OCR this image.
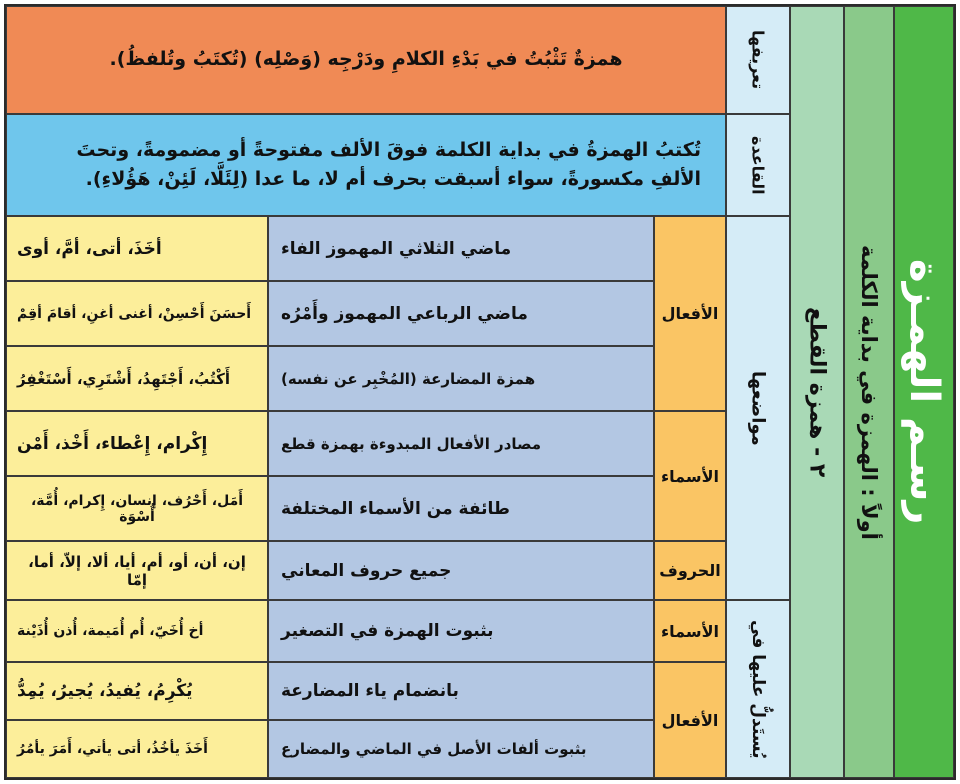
رسـم الهمـزة
أولاً : الهمزة في بداية الكلمة
٢ - همزة القطع
تعريفها
همزةٌ تَثْبُتُ في بَدْءِ الكلامِ ودَرْجِه (وَصْلِه) (تُكتَبُ وتُلفظُ).
القاعدة
تُكتبُ الهمزةُ في بداية الكلمة فوقَ الألف مفتوحةً أو مضمومةً، وتحتَ الألفِ مكسورةً، سواء أسبقت بحرف أم لا، ما عدا (لِئَلَّا، لَئِنْ، هَؤُلاءِ).
مواضعها
الأفعال
ماضي الثلاثي المهموز الفاء
أخَذَ، أتى، أمَّ، أوى
ماضي الرباعي المهموز وأَمْرُه
أَحسَنَ أَحْسِنْ، أغنى أغنِ، أقامَ أقِمْ
همزة المضارعة (المُخْبِر عن نفسه)
أَكْتُبُ، أَجْتَهِدُ، أَشْتَرِي، أَسْتَغْفِرُ
الأسماء
مصادر الأفعال المبدوءة بهمزة قطع
إِكْرام، إِعْطاء، أَخْذ، أَمْن
طائفة من الأسماء المختلفة
أَمَل، أَحْرُف، إنسان، إِكرام، أُمَّة، أُسْوَة
الحروف
جميع حروف المعاني
إن، أن، أو، أم، أيا، ألا، إلاّ، أما، إمّا
يُستَدلُّ عليها في
الأسماء
بثبوت الهمزة في التصغير
أخ أُخَيّ، أُم أُمَيمة، أُذن أُذَيْنة
الأفعال
بانضمام ياء المضارعة
يُكْرِمُ، يُفيدُ، يُجيرُ، يُمِدُّ
بثبوت ألفات الأصل في الماضي والمضارع
أَخَذَ يأخُذُ، أتى يأتي، أَمَرَ يأمُرُ
